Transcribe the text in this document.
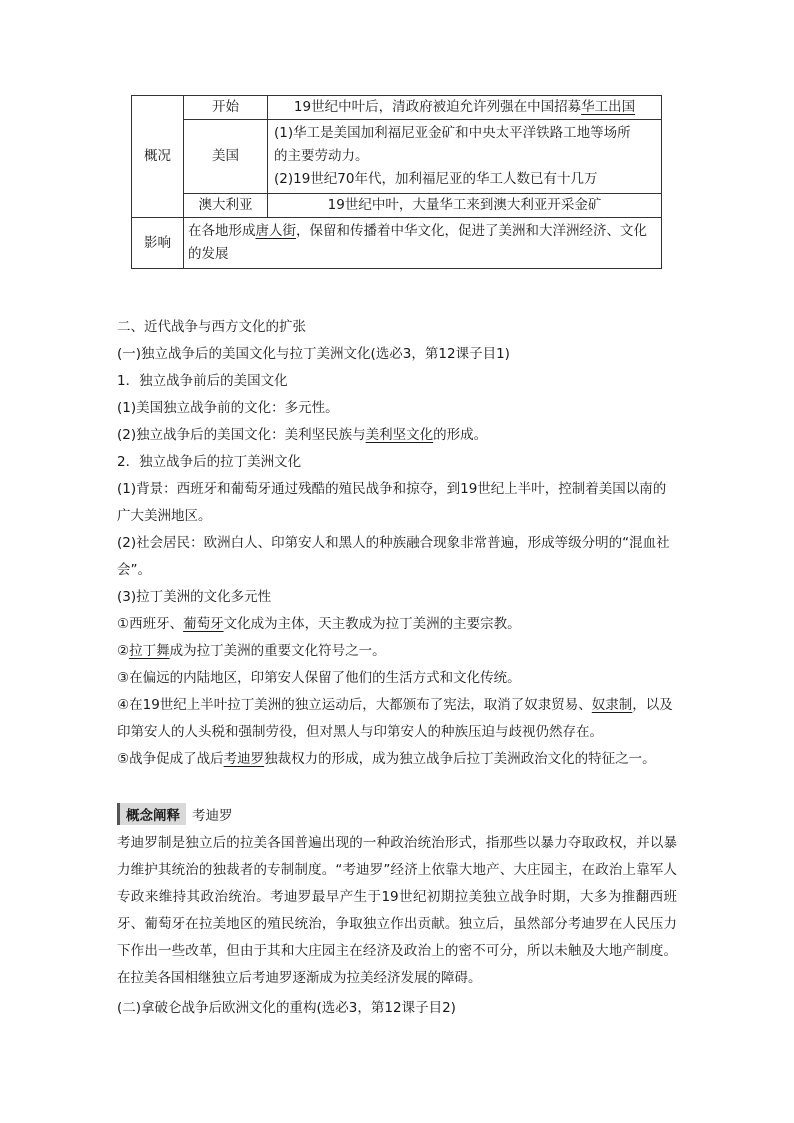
概况	开始	19世纪中叶后，清政府被迫允许列强在中国招募华工出国
	美国	(1)华工是美国加利福尼亚金矿和中央太平洋铁路工地等场所
的主要劳动力。
(2)19世纪70年代，加利福尼亚的华工人数已有十几万

	澳大利亚	19世纪中叶，大量华工来到澳大利亚开采金矿
影响	在各地形成唐人街，保留和传播着中华文化，促进了美洲和大洋洲经济、文化的发展	
二、近代战争与西方文化的扩张
(一)独立战争后的美国文化与拉丁美洲文化(选必3，第12课子目1)
1．独立战争前后的美国文化
(1)美国独立战争前的文化：多元性。
(2)独立战争后的美国文化：美利坚民族与美利坚文化的形成。
2．独立战争后的拉丁美洲文化
(1)背景：西班牙和葡萄牙通过残酷的殖民战争和掠夺，到19世纪上半叶，控制着美国以南的广大美洲地区。
(2)社会居民：欧洲白人、印第安人和黑人的种族融合现象非常普遍，形成等级分明的“混血社会”。
(3)拉丁美洲的文化多元性
①西班牙、葡萄牙文化成为主体，天主教成为拉丁美洲的主要宗教。
②拉丁舞成为拉丁美洲的重要文化符号之一。
③在偏远的内陆地区，印第安人保留了他们的生活方式和文化传统。
④在19世纪上半叶拉丁美洲的独立运动后，大都颁布了宪法，取消了奴隶贸易、奴隶制，以及印第安人的人头税和强制劳役，但对黑人与印第安人的种族压迫与歧视仍然存在。
⑤战争促成了战后考迪罗独裁权力的形成，成为独立战争后拉丁美洲政治文化的特征之一。
概念阐释 考迪罗
考迪罗制是独立后的拉美各国普遍出现的一种政治统治形式，指那些以暴力夺取政权，并以暴力维护其统治的独裁者的专制制度。“考迪罗”经济上依靠大地产、大庄园主，在政治上靠军人专政来维持其政治统治。考迪罗最早产生于19世纪初期拉美独立战争时期，大多为推翻西班牙、葡萄牙在拉美地区的殖民统治，争取独立作出贡献。独立后，虽然部分考迪罗在人民压力下作出一些改革，但由于其和大庄园主在经济及政治上的密不可分，所以未触及大地产制度。在拉美各国相继独立后考迪罗逐渐成为拉美经济发展的障碍。
(二)拿破仑战争后欧洲文化的重构(选必3，第12课子目2)
